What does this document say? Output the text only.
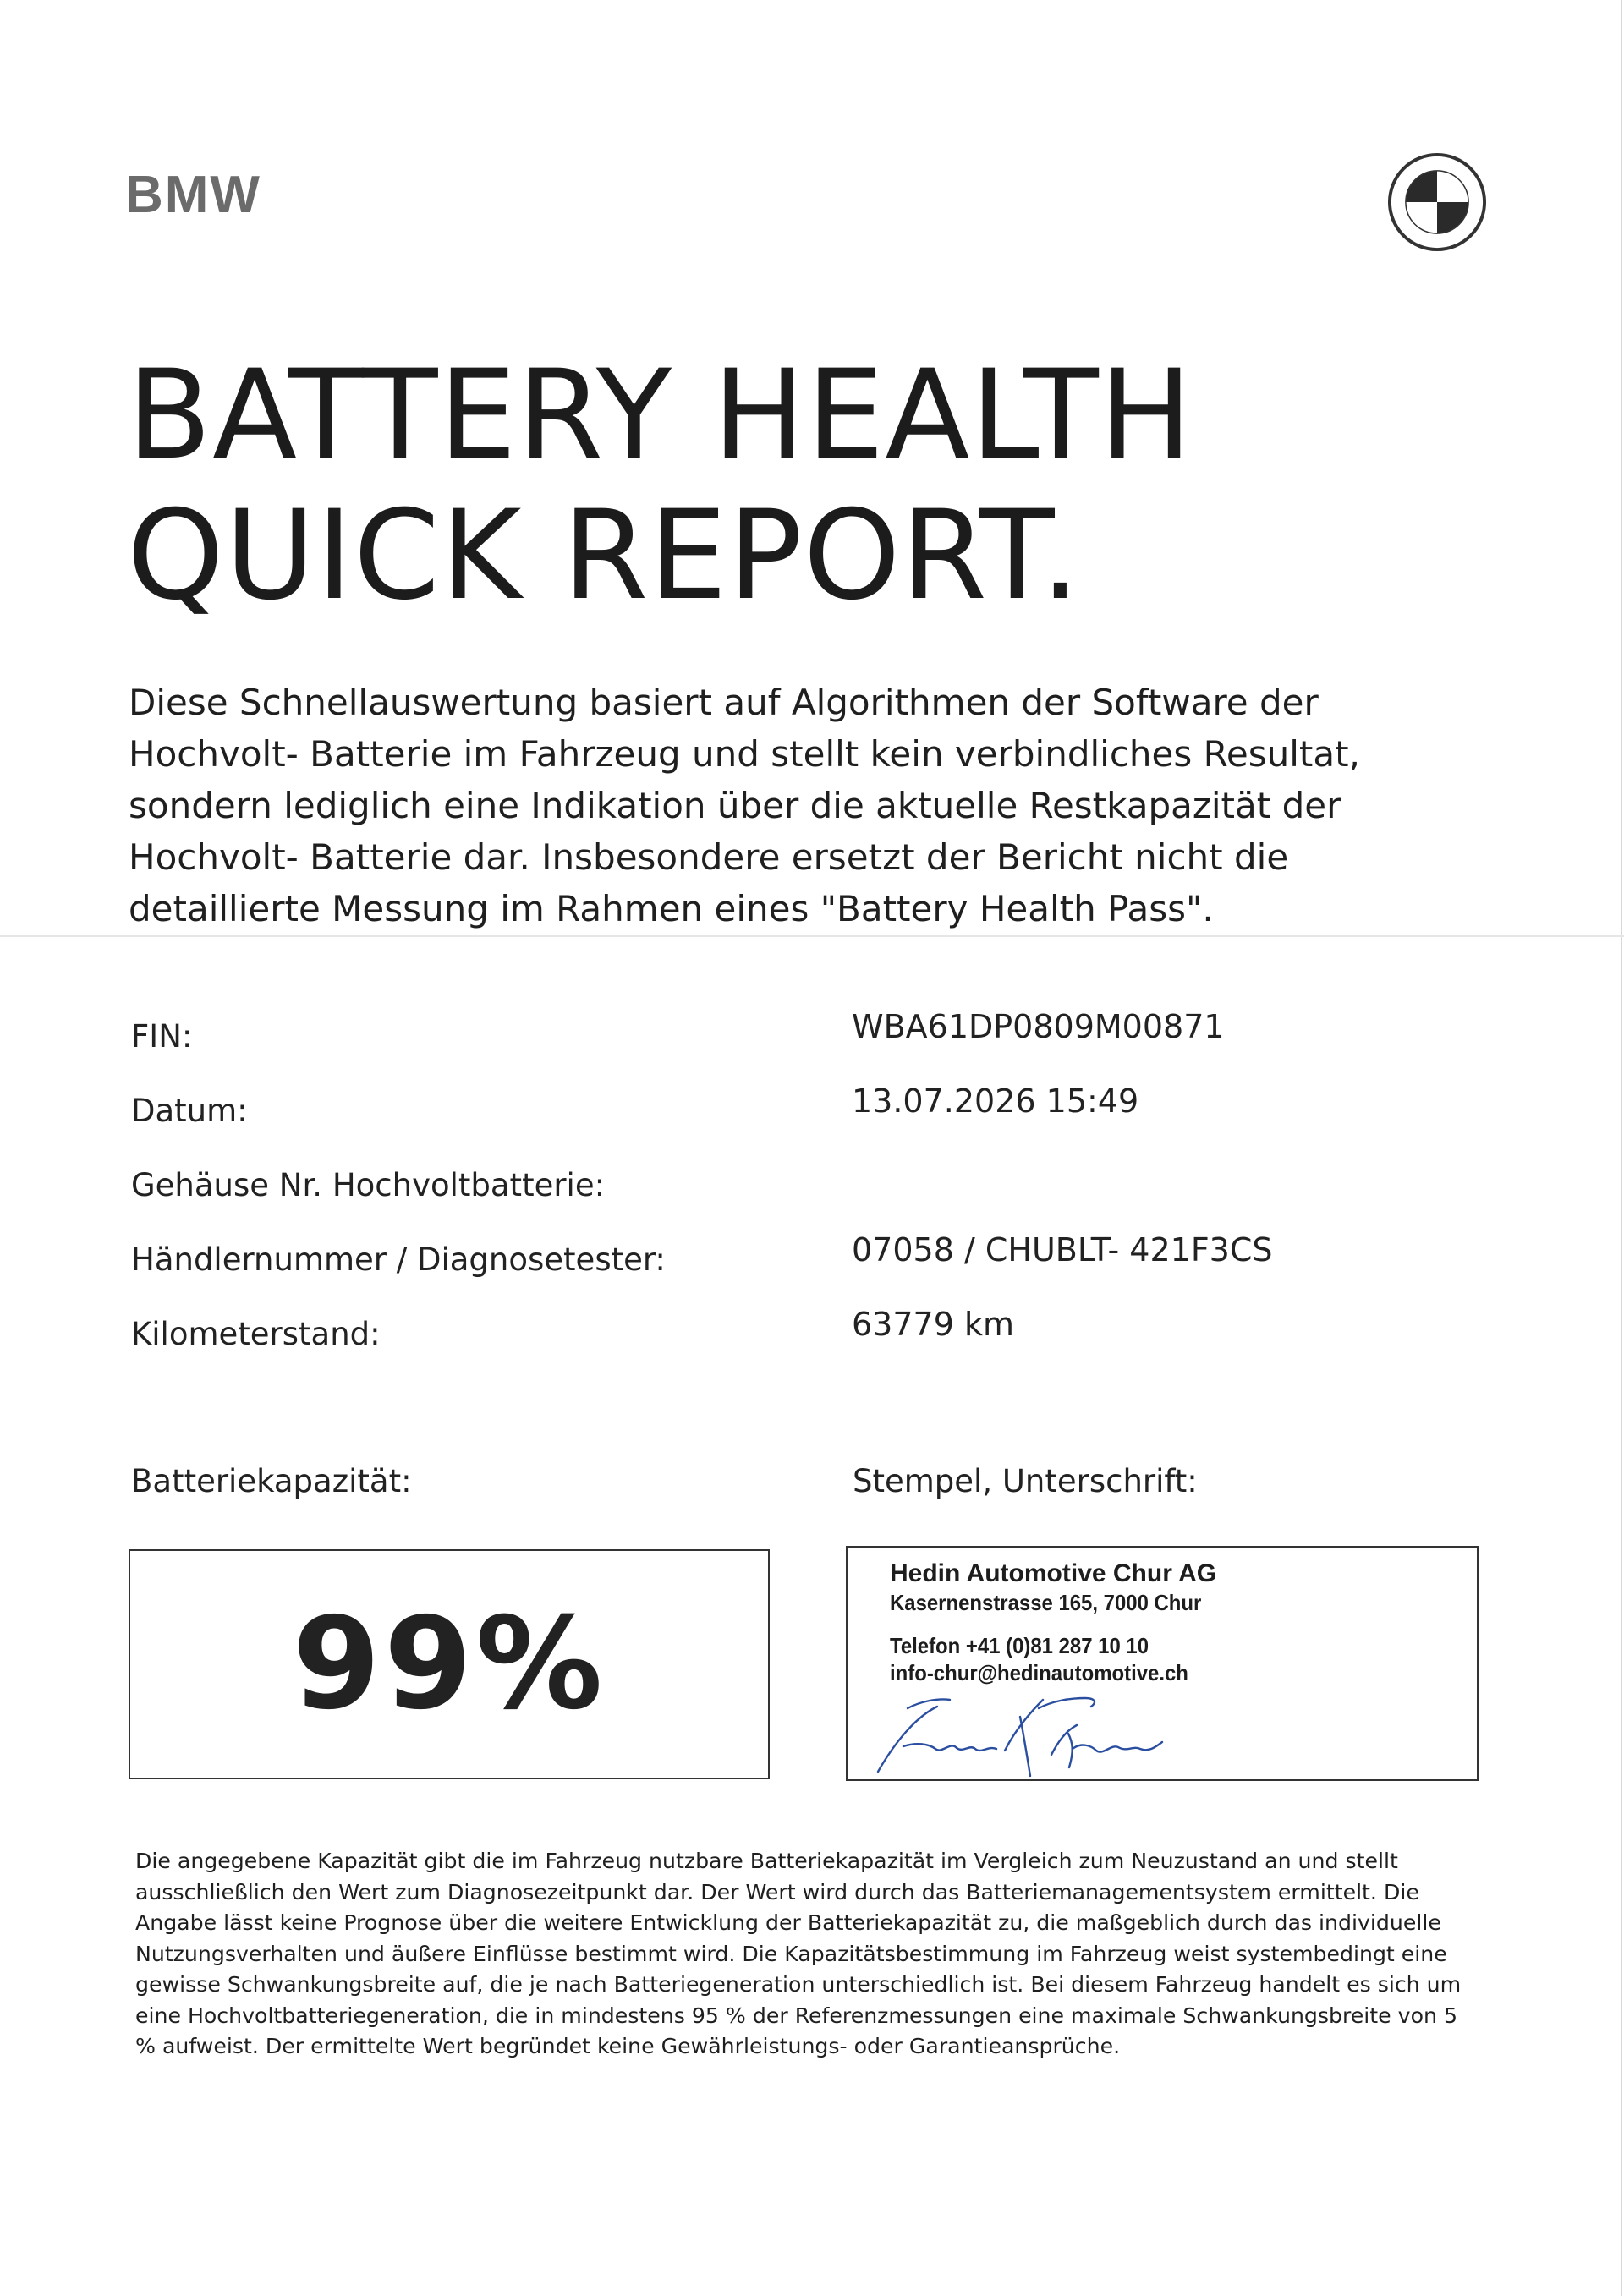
BMW
BATTERY HEALTH
QUICK REPORT.

Diese Schnellauswertung basiert auf Algorithmen der Software der Hochvolt- Batterie im Fahrzeug und stellt kein verbindliches Resultat, sondern lediglich eine Indikation über die aktuelle Restkapazität der Hochvolt- Batterie dar. Insbesondere ersetzt der Bericht nicht die detaillierte Messung im Rahmen eines "Battery Health Pass".

FIN:	WBA61DP0809M00871
Datum:	13.07.2026 15:49
Gehäuse Nr. Hochvoltbatterie:
Händlernummer / Diagnosetester:	07058 / CHUBLT- 421F3CS
Kilometerstand:	63779 km
Batteriekapazität:	Stempel, Unterschrift:
99%
Hedin Automotive Chur AG
Kasernenstrasse 165, 7000 Chur
Telefon +41 (0)81 287 10 10
info-chur@hedinautomotive.ch

Die angegebene Kapazität gibt die im Fahrzeug nutzbare Batteriekapazität im Vergleich zum Neuzustand an und stellt ausschließlich den Wert zum Diagnosezeitpunkt dar. Der Wert wird durch das Batteriemanagementsystem ermittelt. Die Angabe lässt keine Prognose über die weitere Entwicklung der Batteriekapazität zu, die maßgeblich durch das individuelle Nutzungsverhalten und äußere Einflüsse bestimmt wird. Die Kapazitätsbestimmung im Fahrzeug weist systembedingt eine gewisse Schwankungsbreite auf, die je nach Batteriegeneration unterschiedlich ist. Bei diesem Fahrzeug handelt es sich um eine Hochvoltbatteriegeneration, die in mindestens 95 % der Referenzmessungen eine maximale Schwankungsbreite von 5 % aufweist. Der ermittelte Wert begründet keine Gewährleistungs- oder Garantieansprüche.
